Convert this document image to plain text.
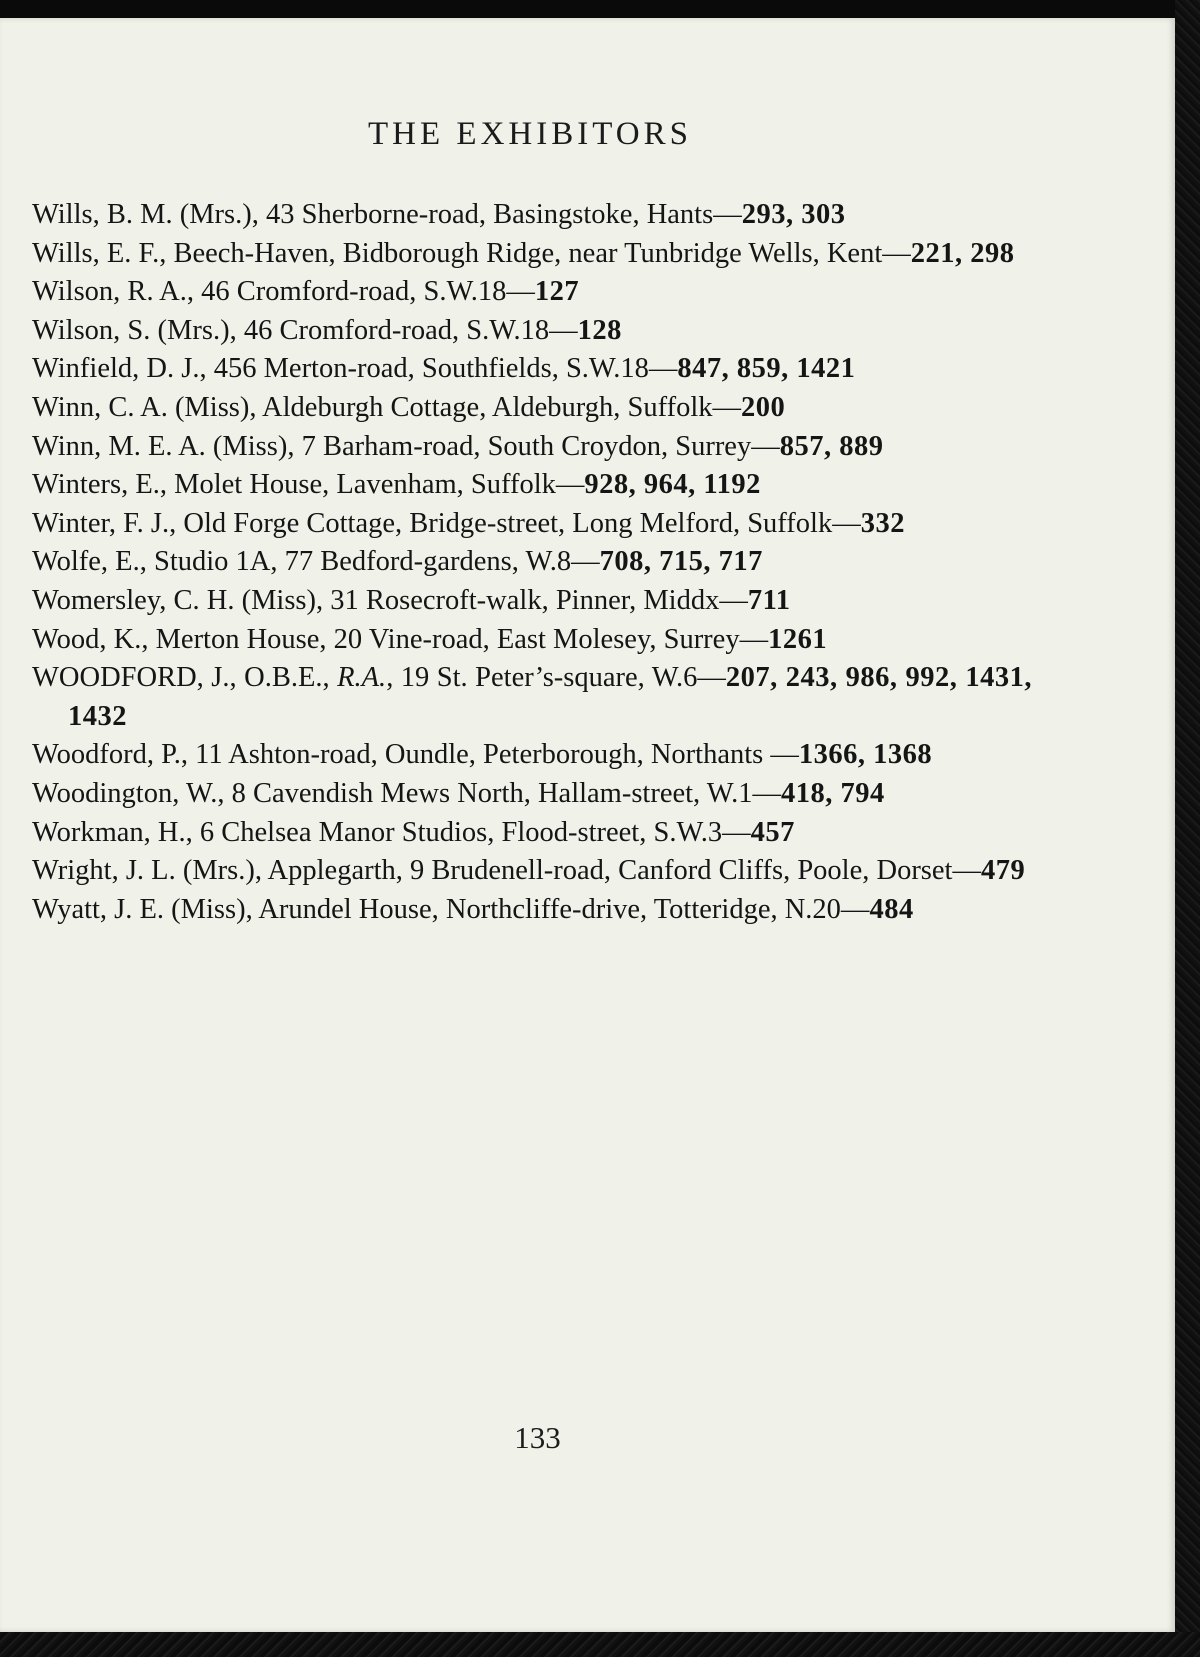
THE EXHIBITORS
Wills, B. M. (Mrs.), 43 Sherborne-road, Basingstoke, Hants—293, 303
Wills, E. F., Beech-Haven, Bidborough Ridge, near Tunbridge Wells, Kent—221, 298
Wilson, R. A., 46 Cromford-road, S.W.18—127
Wilson, S. (Mrs.), 46 Cromford-road, S.W.18—128
Winfield, D. J., 456 Merton-road, Southfields, S.W.18—847, 859, 1421
Winn, C. A. (Miss), Aldeburgh Cottage, Aldeburgh, Suffolk—200
Winn, M. E. A. (Miss), 7 Barham-road, South Croydon, Surrey—857, 889
Winters, E., Molet House, Lavenham, Suffolk—928, 964, 1192
Winter, F. J., Old Forge Cottage, Bridge-street, Long Melford, Suffolk—332
Wolfe, E., Studio 1A, 77 Bedford-gardens, W.8—708, 715, 717
Womersley, C. H. (Miss), 31 Rosecroft-walk, Pinner, Middx—711
Wood, K., Merton House, 20 Vine-road, East Molesey, Surrey—1261
WOODFORD, J., O.B.E., R.A., 19 St. Peter’s-square, W.6—207, 243, 986, 992, 1431, 1432
Woodford, P., 11 Ashton-road, Oundle, Peterborough, Northants —1366, 1368
Woodington, W., 8 Cavendish Mews North, Hallam-street, W.1—418, 794
Workman, H., 6 Chelsea Manor Studios, Flood-street, S.W.3—457
Wright, J. L. (Mrs.), Applegarth, 9 Brudenell-road, Canford Cliffs, Poole, Dorset—479
Wyatt, J. E. (Miss), Arundel House, Northcliffe-drive, Totteridge, N.20—484
133
